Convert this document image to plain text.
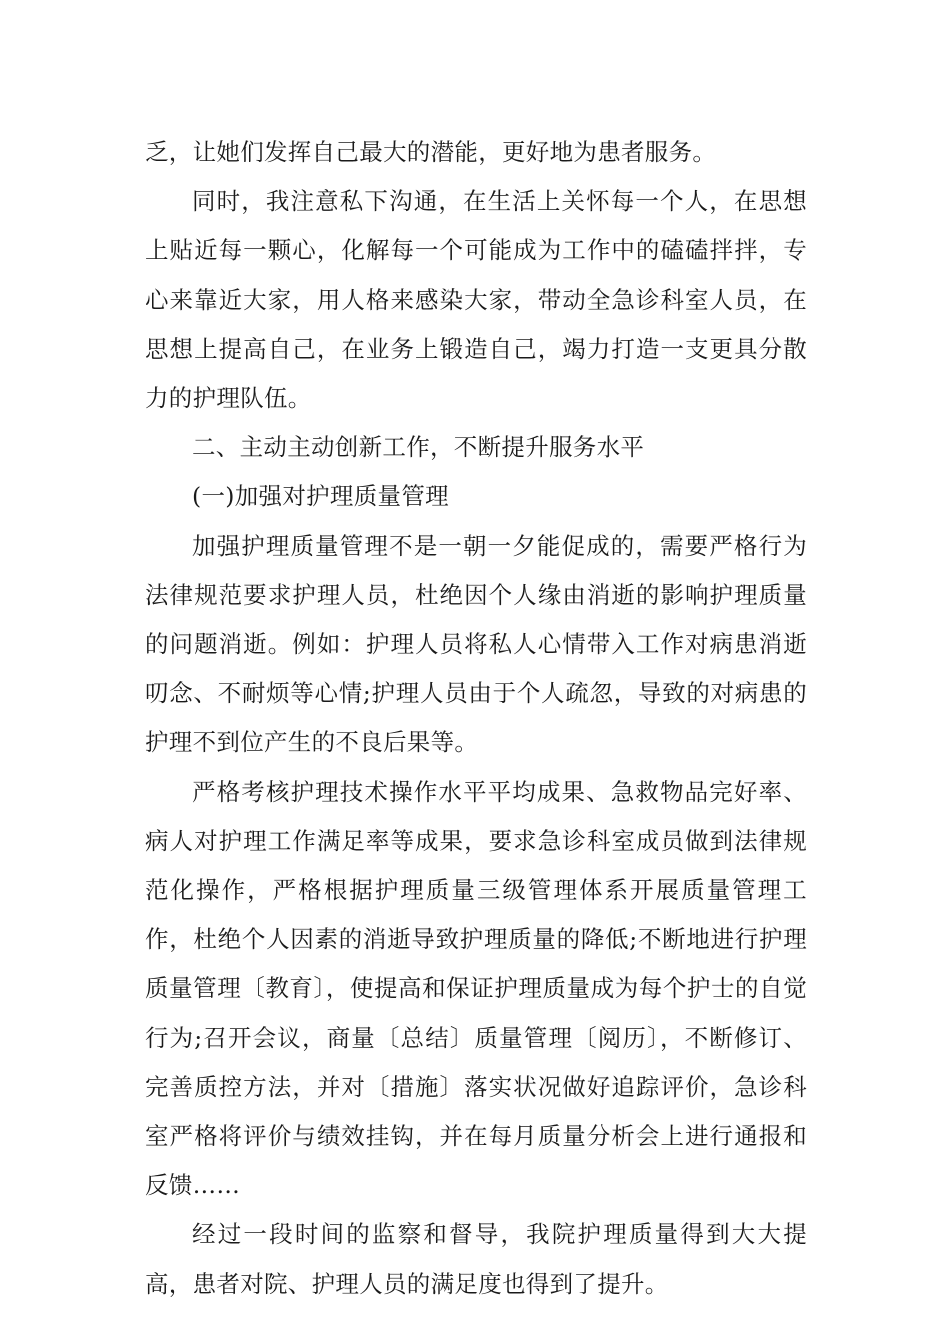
乏，让她们发挥自己最大的潜能，更好地为患者服务。

同时，我注意私下沟通，在生活上关怀每一个人，在思想上贴近每一颗心，化解每一个可能成为工作中的磕磕拌拌，专心来靠近大家，用人格来感染大家，带动全急诊科室人员，在思想上提高自己，在业务上锻造自己，竭力打造一支更具分散力的护理队伍。

二、主动主动创新工作，不断提升服务水平

(一)加强对护理质量管理

加强护理质量管理不是一朝一夕能促成的，需要严格行为法律规范要求护理人员，杜绝因个人缘由消逝的影响护理质量的问题消逝。例如：护理人员将私人心情带入工作对病患消逝叨念、不耐烦等心情;护理人员由于个人疏忽，导致的对病患的护理不到位产生的不良后果等。

严格考核护理技术操作水平平均成果、急救物品完好率、病人对护理工作满足率等成果，要求急诊科室成员做到法律规范化操作，严格根据护理质量三级管理体系开展质量管理工作，杜绝个人因素的消逝导致护理质量的降低;不断地进行护理质量管理〔教育〕，使提高和保证护理质量成为每个护士的自觉行为;召开会议，商量〔总结〕质量管理〔阅历〕，不断修订、完善质控方法，并对〔措施〕落实状况做好追踪评价，急诊科室严格将评价与绩效挂钩，并在每月质量分析会上进行通报和反馈……

经过一段时间的监察和督导，我院护理质量得到大大提高，患者对院、护理人员的满足度也得到了提升。
